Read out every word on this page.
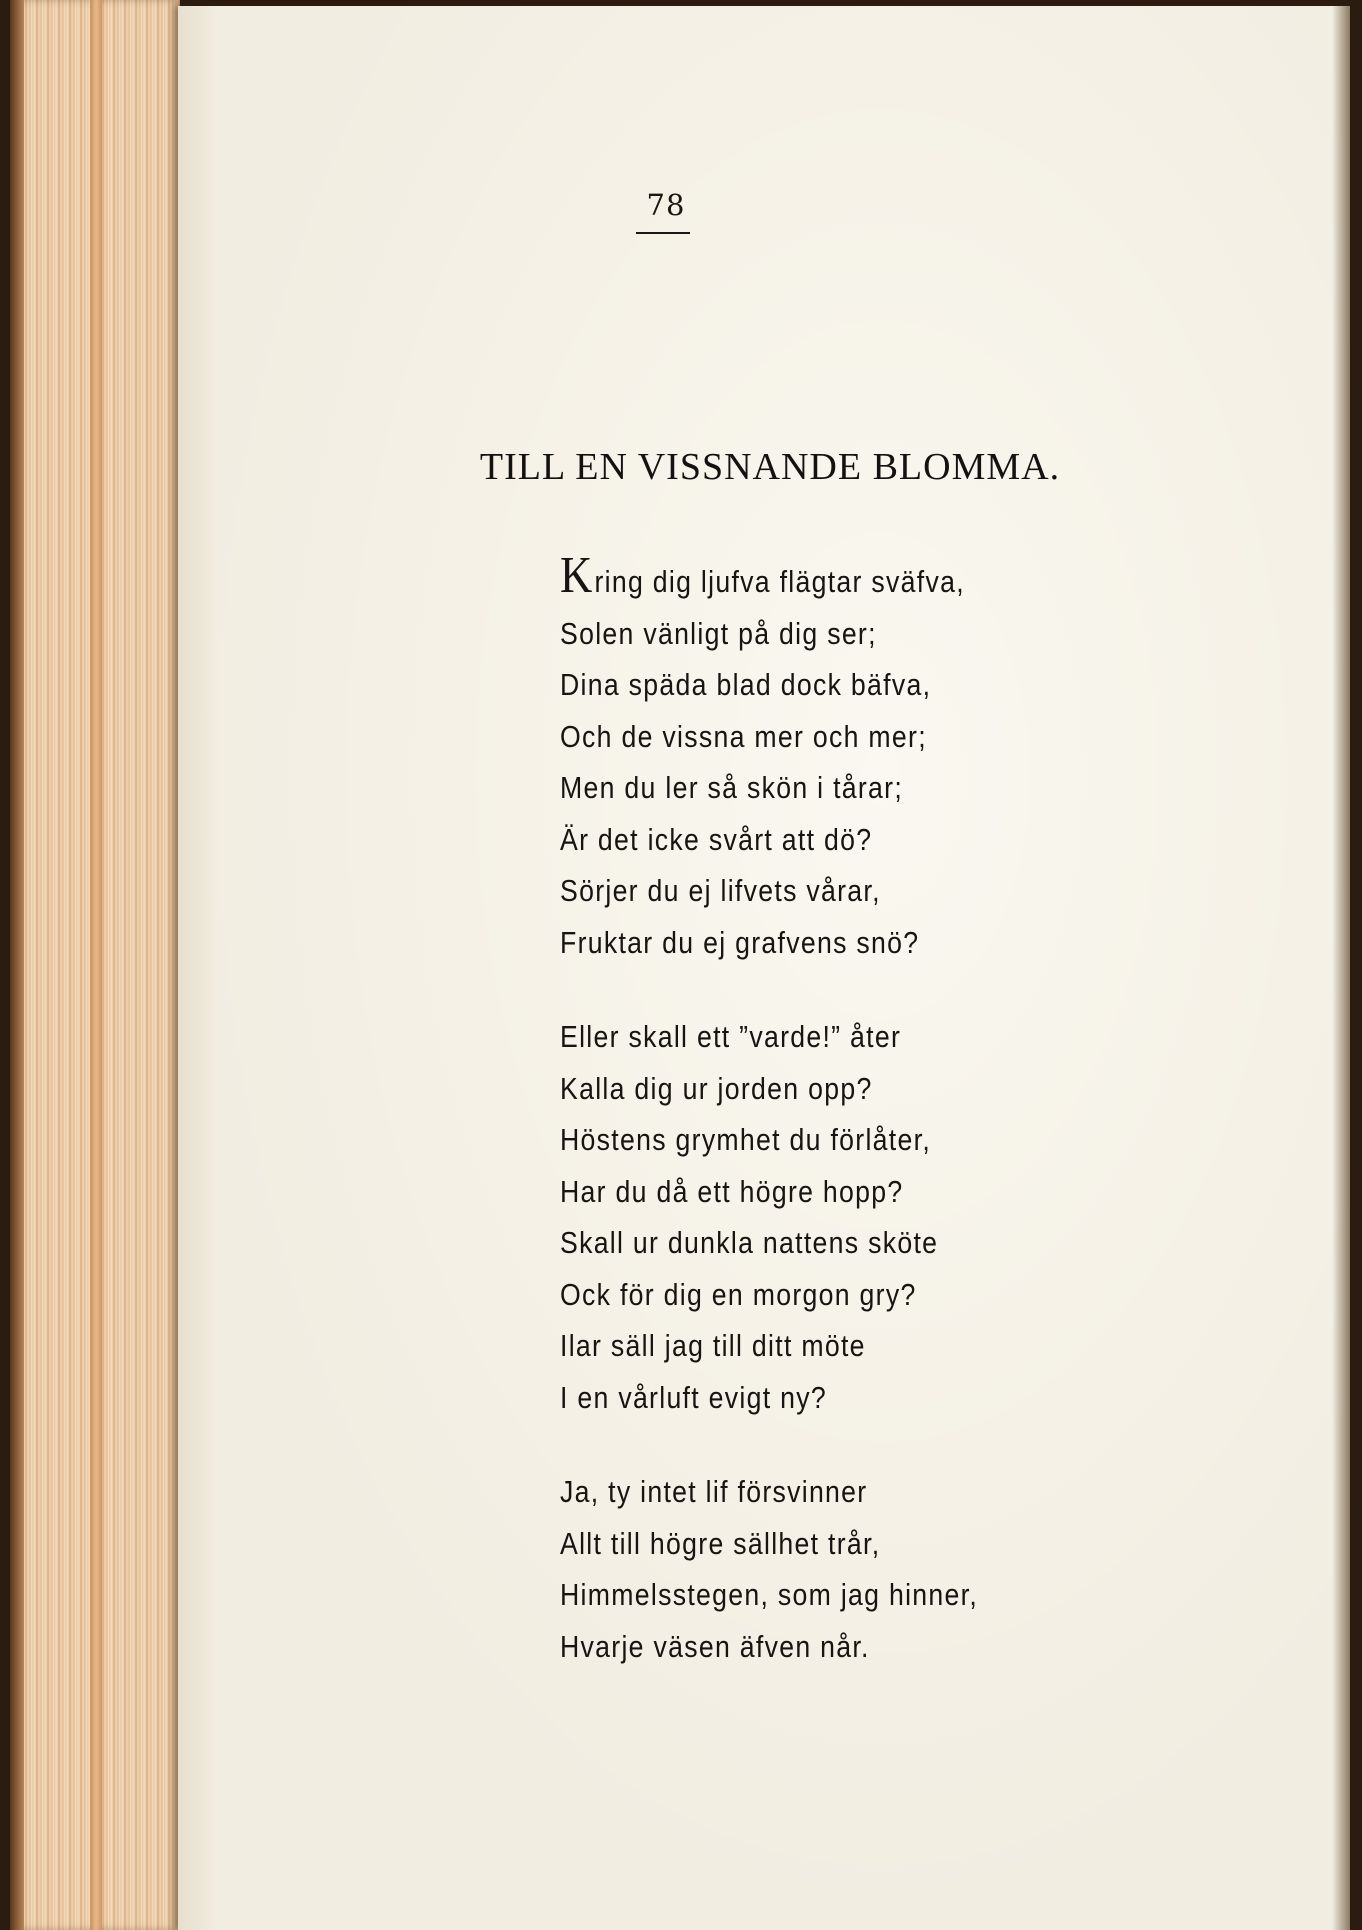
78
TILL EN VISSNANDE BLOMMA.
Kring dig ljufva flägtar sväfva,
Solen vänligt på dig ser;
Dina späda blad dock bäfva,
Och de vissna mer och mer;
Men du ler så skön i tårar;
Är det icke svårt att dö?
Sörjer du ej lifvets vårar,
Fruktar du ej grafvens snö?
Eller skall ett ”varde!” åter
Kalla dig ur jorden opp?
Höstens grymhet du förlåter,
Har du då ett högre hopp?
Skall ur dunkla nattens sköte
Ock för dig en morgon gry?
Ilar säll jag till ditt möte
I en vårluft evigt ny?
Ja, ty intet lif försvinner
Allt till högre sällhet trår,
Himmelsstegen, som jag hinner,
Hvarje väsen äfven når.
